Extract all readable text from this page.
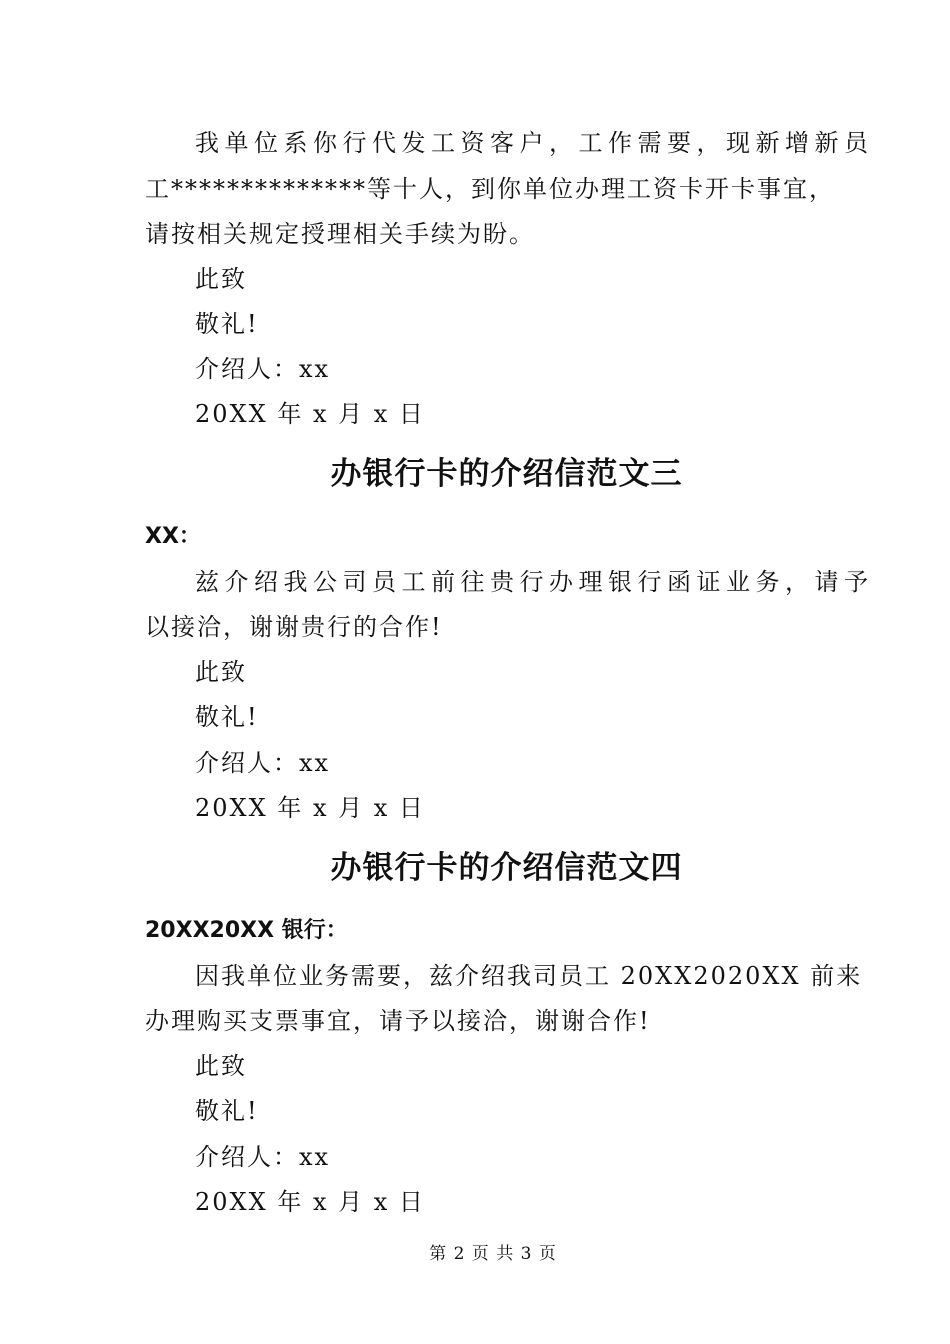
我单位系你行代发工资客户，工作需要，现新增新员
工**************等十人，到你单位办理工资卡开卡事宜，
请按相关规定授理相关手续为盼。
此致
敬礼!
介绍人：xx
20XX 年 x 月 x 日
办银行卡的介绍信范文三
XX：
兹介绍我公司员工前往贵行办理银行函证业务，请予
以接洽，谢谢贵行的合作!
此致
敬礼!
介绍人：xx
20XX 年 x 月 x 日
办银行卡的介绍信范文四
20XX20XX 银行：
因我单位业务需要，兹介绍我司员工 20XX2020XX 前来
办理购买支票事宜，请予以接洽，谢谢合作!
此致
敬礼!
介绍人：xx
20XX 年 x 月 x 日
第 2 页 共 3 页
